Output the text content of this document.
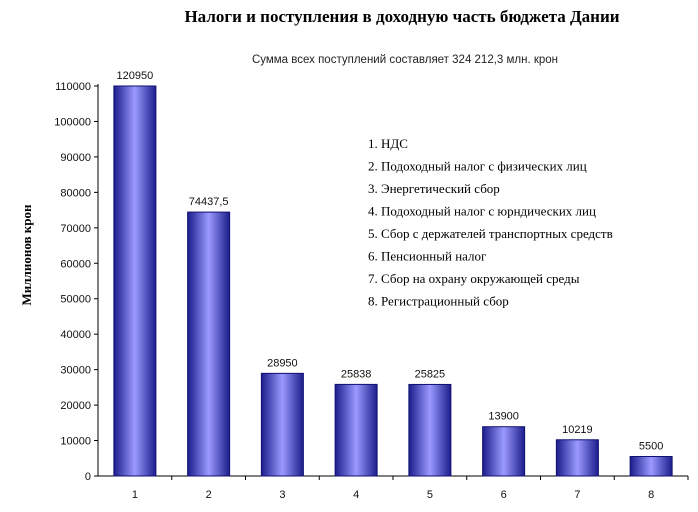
Налоги и поступления в доходную часть бюджета Дании
Сумма всех поступлений составляет 324 212,3 млн. крон
Миллионов крон
0
10000
20000
30000
40000
50000
60000
70000
80000
90000
100000
110000
120950
1
74437,5
2
28950
3
25838
4
25825
5
13900
6
10219
7
5500
8
1. НДС
2. Подоходный налог с физических лиц
3. Энергетический сбор
4. Подоходный налог с юрндических лиц
5. Сбор с держателей транспортных средств
6. Пенсионный налог
7. Сбор на охрану окружающей среды
8. Регистрационный сбор
